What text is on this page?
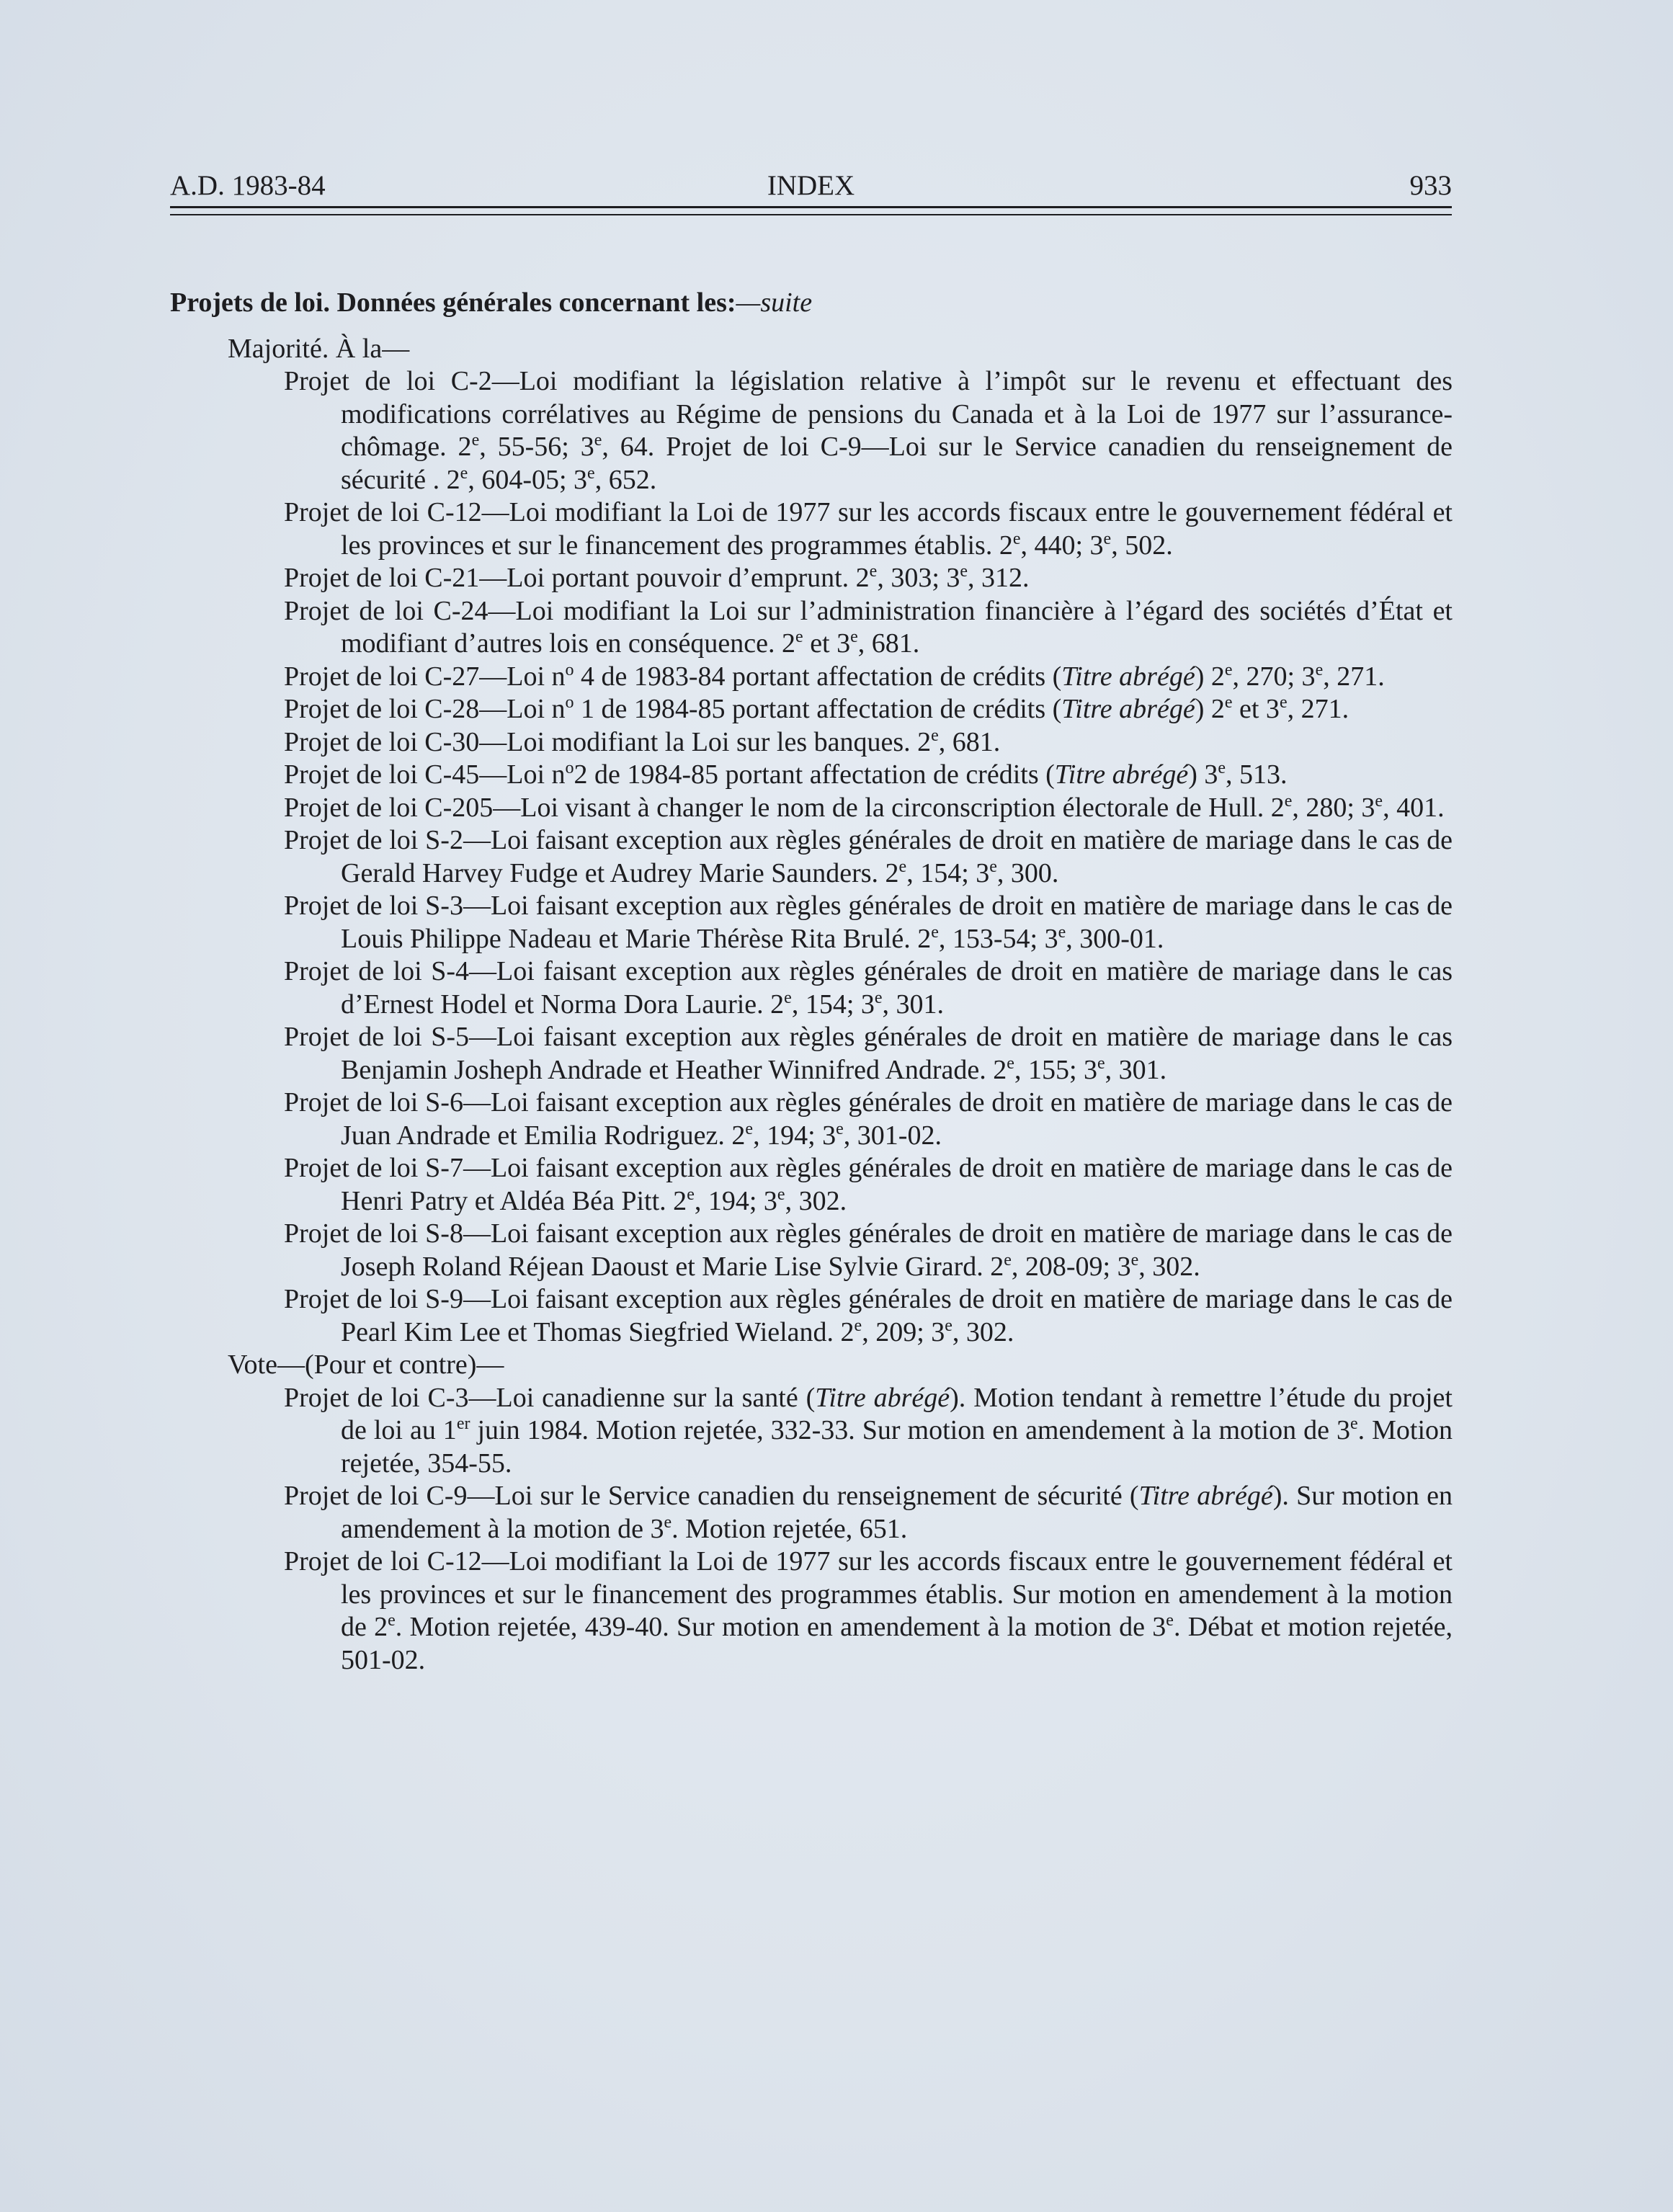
A.D. 1983-84	INDEX	933
Projets de loi. Données générales concernant les:—suite
Majorité. À la—
Projet de loi C-2—Loi modifiant la législation relative à l’impôt sur le revenu et effectuant des modifications corrélatives au Régime de pensions du Canada et à la Loi de 1977 sur l’assurance-chômage. 2e, 55-56; 3e, 64. Projet de loi C-9—Loi sur le Service canadien du renseignement de sécurité . 2e, 604-05; 3e, 652.
Projet de loi C-12—Loi modifiant la Loi de 1977 sur les accords fiscaux entre le gouvernement fédéral et les provinces et sur le financement des programmes établis. 2e, 440; 3e, 502.
Projet de loi C-21—Loi portant pouvoir d’emprunt. 2e, 303; 3e, 312.
Projet de loi C-24—Loi modifiant la Loi sur l’administration financière à l’égard des sociétés d’État et modifiant d’autres lois en conséquence. 2e et 3e, 681.
Projet de loi C-27—Loi $n^o$ 4 de 1983-84 portant affectation de crédits (Titre abrégé) 2e, 270; 3e, 271.
Projet de loi C-28—Loi $n^o$ 1 de 1984-85 portant affectation de crédits (Titre abrégé) 2e et 3e, 271.
Projet de loi C-30—Loi modifiant la Loi sur les banques. 2e, 681.
Projet de loi C-45—Loi $n^o2$ de 1984-85 portant affectation de crédits (Titre abrégé) 3e, 513.
Projet de loi C-205—Loi visant à changer le nom de la circonscription électorale de Hull. 2e, 280; 3e, 401.
Projet de loi S-2—Loi faisant exception aux règles générales de droit en matière de mariage dans le cas de Gerald Harvey Fudge et Audrey Marie Saunders. 2e, 154; 3e, 300.
Projet de loi S-3—Loi faisant exception aux règles générales de droit en matière de mariage dans le cas de Louis Philippe Nadeau et Marie Thérèse Rita Brulé. 2e, 153-54; 3e, 300-01.
Projet de loi S-4—Loi faisant exception aux règles générales de droit en matière de mariage dans le cas d’Ernest Hodel et Norma Dora Laurie. 2e, 154; 3e, 301.
Projet de loi S-5—Loi faisant exception aux règles générales de droit en matière de mariage dans le cas Benjamin Josheph Andrade et Heather Winnifred Andrade. 2e, 155; 3e, 301.
Projet de loi S-6—Loi faisant exception aux règles générales de droit en matière de mariage dans le cas de Juan Andrade et Emilia Rodriguez. 2e, 194; 3e, 301-02.
Projet de loi S-7—Loi faisant exception aux règles générales de droit en matière de mariage dans le cas de Henri Patry et Aldéa Béa Pitt. 2e, 194; 3e, 302.
Projet de loi S-8—Loi faisant exception aux règles générales de droit en matière de mariage dans le cas de Joseph Roland Réjean Daoust et Marie Lise Sylvie Girard. 2e, 208-09; 3e, 302.
Projet de loi S-9—Loi faisant exception aux règles générales de droit en matière de mariage dans le cas de Pearl Kim Lee et Thomas Siegfried Wieland. 2e, 209; 3e, 302.
Vote—(Pour et contre)—
Projet de loi C-3—Loi canadienne sur la santé (Titre abrégé). Motion tendant à remettre l’étude du projet de loi au 1er juin 1984. Motion rejetée, 332-33. Sur motion en amendement à la motion de 3e. Motion rejetée, 354-55.
Projet de loi C-9—Loi sur le Service canadien du renseignement de sécurité (Titre abrégé). Sur motion en amendement à la motion de 3e. Motion rejetée, 651.
Projet de loi C-12—Loi modifiant la Loi de 1977 sur les accords fiscaux entre le gouvernement fédéral et les provinces et sur le financement des programmes établis. Sur motion en amendement à la motion de 2e. Motion rejetée, 439-40. Sur motion en amendement à la motion de 3e. Débat et motion rejetée, 501-02.
